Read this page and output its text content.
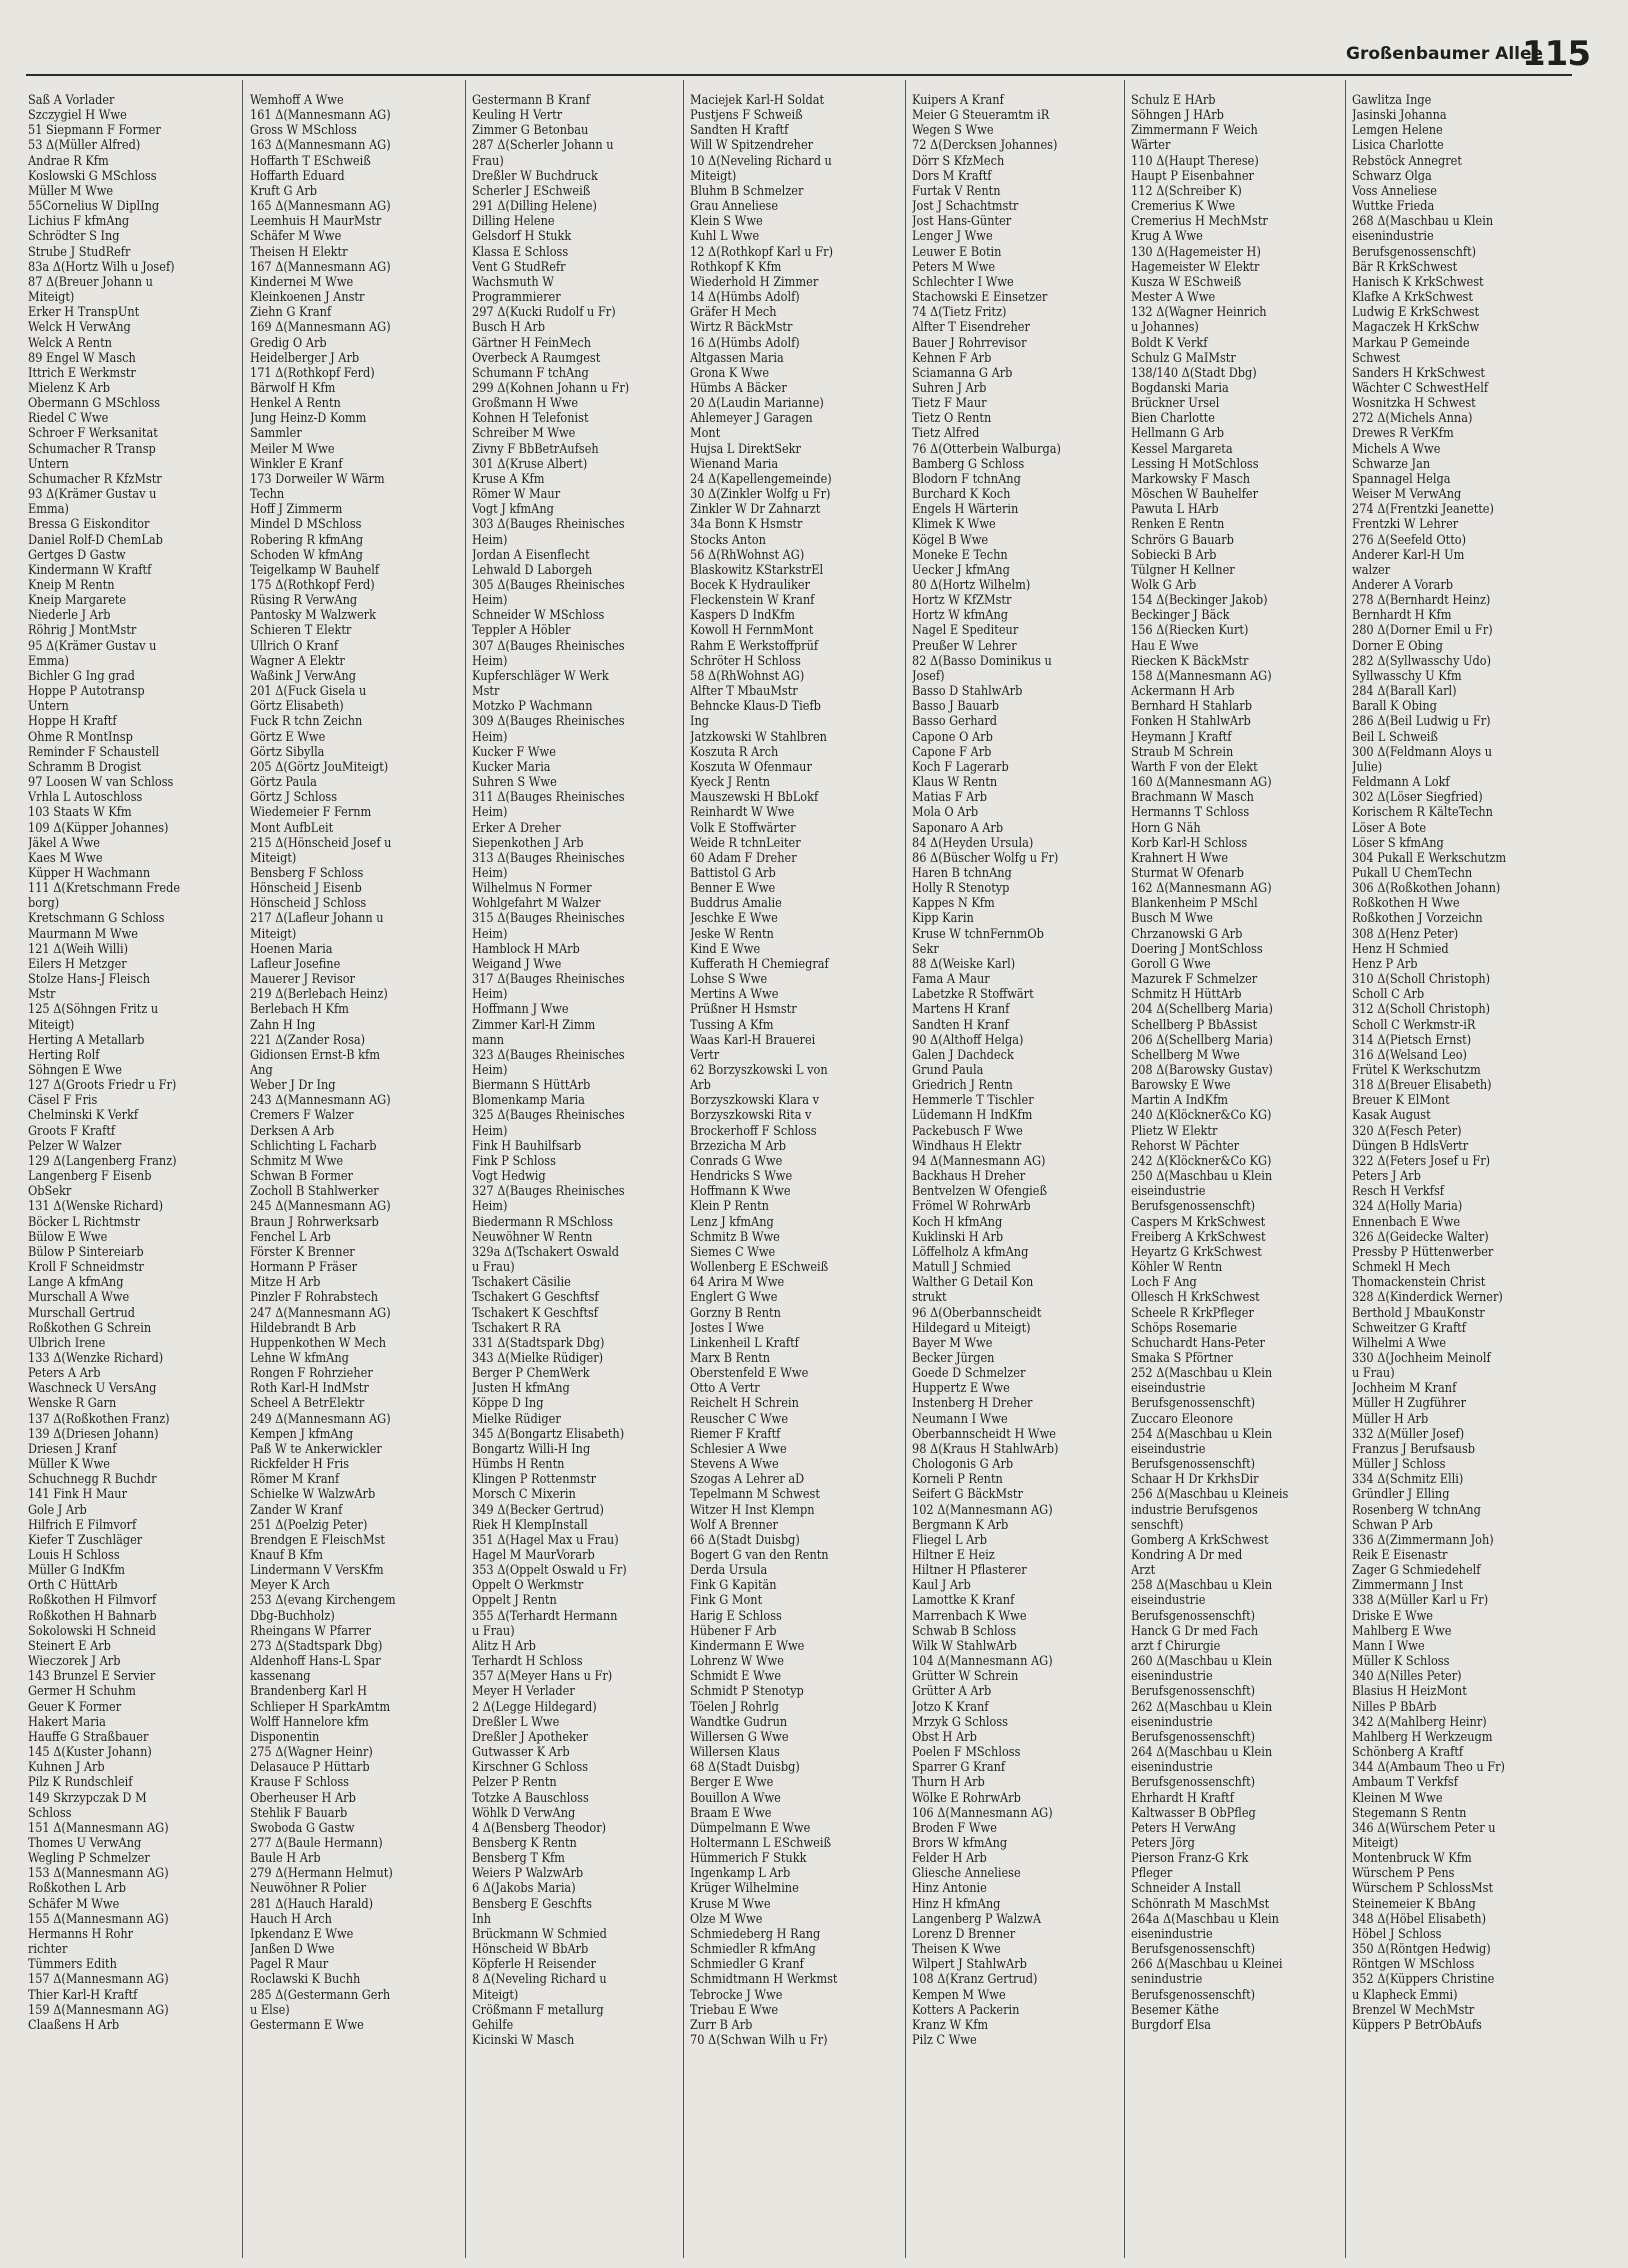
Großenbaumer Allee
115
Saß A Vorlader
Szczygiel H Wwe
51 Siepmann F Former
53 Δ(Müller Alfred)
Andrae R Kfm
Koslowski G MSchloss
Müller M Wwe
55Cornelius W DiplIng
Lichius F kfmAng
Schrödter S Ing
Strube J StudRefr
83a Δ(Hortz Wilh u Josef)
87 Δ(Breuer Johann u
Miteigt)
Erker H TranspUnt
Welck H VerwAng
Welck A Rentn
89 Engel W Masch
Ittrich E Werkmstr
Mielenz K Arb
Obermann G MSchloss
Riedel C Wwe
Schroer F Werksanitat
Schumacher R Transp
Untern
Schumacher R KfzMstr
93 Δ(Krämer Gustav u
Emma)
Bressa G Eiskonditor
Daniel Rolf-D ChemLab
Gertges D Gastw
Kindermann W Kraftf
Kneip M Rentn
Kneip Margarete
Niederle J Arb
Röhrig J MontMstr
95 Δ(Krämer Gustav u
Emma)
Bichler G Ing grad
Hoppe P Autotransp
Untern
Hoppe H Kraftf
Ohme R MontInsp
Reminder F Schaustell
Schramm B Drogist
97 Loosen W van Schloss
Vrhla L Autoschloss
103 Staats W Kfm
109 Δ(Küpper Johannes)
Jäkel A Wwe
Kaes M Wwe
Küpper H Wachmann
111 Δ(Kretschmann Frede
borg)
Kretschmann G Schloss
Maurmann M Wwe
121 Δ(Weih Willi)
Eilers H Metzger
Stolze Hans-J Fleisch
Mstr
125 Δ(Söhngen Fritz u
Miteigt)
Herting A Metallarb
Herting Rolf
Söhngen E Wwe
127 Δ(Groots Friedr u Fr)
Cäsel F Fris
Chelminski K Verkf
Groots F Kraftf
Pelzer W Walzer
129 Δ(Langenberg Franz)
Langenberg F Eisenb
ObSekr
131 Δ(Wenske Richard)
Böcker L Richtmstr
Bülow E Wwe
Bülow P Sintereiarb
Kroll F Schneidmstr
Lange A kfmAng
Murschall A Wwe
Murschall Gertrud
Roßkothen G Schrein
Ulbrich Irene
133 Δ(Wenzke Richard)
Peters A Arb
Waschneck U VersAng
Wenske R Garn
137 Δ(Roßkothen Franz)
139 Δ(Driesen Johann)
Driesen J Kranf
Müller K Wwe
Schuchnegg R Buchdr
141 Fink H Maur
Gole J Arb
Hilfrich E Filmvorf
Kiefer T Zuschläger
Louis H Schloss
Müller G IndKfm
Orth C HüttArb
Roßkothen H Filmvorf
Roßkothen H Bahnarb
Sokolowski H Schneid
Steinert E Arb
Wieczorek J Arb
143 Brunzel E Servier
Germer H Schuhm
Geuer K Former
Hakert Maria
Hauffe G Straßbauer
145 Δ(Kuster Johann)
Kuhnen J Arb
Pilz K Rundschleif
149 Skrzypczak D M
Schloss
151 Δ(Mannesmann AG)
Thomes U VerwAng
Wegling P Schmelzer
153 Δ(Mannesmann AG)
Roßkothen L Arb
Schäfer M Wwe
155 Δ(Mannesmann AG)
Hermanns H Rohr
richter
Tümmers Edith
157 Δ(Mannesmann AG)
Thier Karl-H Kraftf
159 Δ(Mannesmann AG)
Claaßens H Arb
Wemhoff A Wwe
161 Δ(Mannesmann AG)
Gross W MSchloss
163 Δ(Mannesmann AG)
Hoffarth T ESchweiß
Hoffarth Eduard
Kruft G Arb
165 Δ(Mannesmann AG)
Leemhuis H MaurMstr
Schäfer M Wwe
Theisen H Elektr
167 Δ(Mannesmann AG)
Kindernei M Wwe
Kleinkoenen J Anstr
Ziehn G Kranf
169 Δ(Mannesmann AG)
Gredig O Arb
Heidelberger J Arb
171 Δ(Rothkopf Ferd)
Bärwolf H Kfm
Henkel A Rentn
Jung Heinz-D Komm
Sammler
Meiler M Wwe
Winkler E Kranf
173 Dorweiler W Wärm
Techn
Hoff J Zimmerm
Mindel D MSchloss
Robering R kfmAng
Schoden W kfmAng
Teigelkamp W Bauhelf
175 Δ(Rothkopf Ferd)
Rüsing R VerwAng
Pantosky M Walzwerk
Schieren T Elektr
Ullrich O Kranf
Wagner A Elektr
Waßink J VerwAng
201 Δ(Fuck Gisela u
Görtz Elisabeth)
Fuck R tchn Zeichn
Görtz E Wwe
Görtz Sibylla
205 Δ(Görtz JouMiteigt)
Görtz Paula
Görtz J Schloss
Wiedemeier F Fernm
Mont AufbLeit
215 Δ(Hönscheid Josef u
Miteigt)
Bensberg F Schloss
Hönscheid J Eisenb
Hönscheid J Schloss
217 Δ(Lafleur Johann u
Miteigt)
Hoenen Maria
Lafleur Josefine
Mauerer J Revisor
219 Δ(Berlebach Heinz)
Berlebach H Kfm
Zahn H Ing
221 Δ(Zander Rosa)
Gidionsen Ernst-B kfm
Ang
Weber J Dr Ing
243 Δ(Mannesmann AG)
Cremers F Walzer
Derksen A Arb
Schlichting L Facharb
Schmitz M Wwe
Schwan B Former
Zocholl B Stahlwerker
245 Δ(Mannesmann AG)
Braun J Rohrwerksarb
Fenchel L Arb
Förster K Brenner
Hormann P Fräser
Mitze H Arb
Pinzler F Rohrabstech
247 Δ(Mannesmann AG)
Hildebrandt B Arb
Huppenkothen W Mech
Lehne W kfmAng
Rongen F Rohrzieher
Roth Karl-H IndMstr
Scheel A BetrElektr
249 Δ(Mannesmann AG)
Kempen J kfmAng
Paß W te Ankerwickler
Rickfelder H Fris
Römer M Kranf
Schielke W WalzwArb
Zander W Kranf
251 Δ(Poelzig Peter)
Brendgen E FleischMst
Knauf B Kfm
Lindermann V VersKfm
Meyer K Arch
253 Δ(evang Kirchengem
Dbg-Buchholz)
Rheingans W Pfarrer
273 Δ(Stadtspark Dbg)
Aldenhoff Hans-L Spar
kassenang
Brandenberg Karl H
Schlieper H SparkAmtm
Wolff Hannelore kfm
Disponentin
275 Δ(Wagner Heinr)
Delasauce P Hüttarb
Krause F Schloss
Oberheuser H Arb
Stehlik F Bauarb
Swoboda G Gastw
277 Δ(Baule Hermann)
Baule H Arb
279 Δ(Hermann Helmut)
Neuwöhner R Polier
281 Δ(Hauch Harald)
Hauch H Arch
Ipkendanz E Wwe
Janßen D Wwe
Pagel R Maur
Roclawski K Buchh
285 Δ(Gestermann Gerh
u Else)
Gestermann E Wwe
Gestermann B Kranf
Keuling H Vertr
Zimmer G Betonbau
287 Δ(Scherler Johann u
Frau)
Dreßler W Buchdruck
Scherler J ESchweiß
291 Δ(Dilling Helene)
Dilling Helene
Gelsdorf H Stukk
Klassa E Schloss
Vent G StudRefr
Wachsmuth W
Programmierer
297 Δ(Kucki Rudolf u Fr)
Busch H Arb
Gärtner H FeinMech
Overbeck A Raumgest
Schumann F tchAng
299 Δ(Kohnen Johann u Fr)
Großmann H Wwe
Kohnen H Telefonist
Schreiber M Wwe
Zivny F BbBetrAufseh
301 Δ(Kruse Albert)
Kruse A Kfm
Römer W Maur
Vogt J kfmAng
303 Δ(Bauges Rheinisches
Heim)
Jordan A Eisenflecht
Lehwald D Laborgeh
305 Δ(Bauges Rheinisches
Heim)
Schneider W MSchloss
Teppler A Höbler
307 Δ(Bauges Rheinisches
Heim)
Kupferschläger W Werk
Mstr
Motzko P Wachmann
309 Δ(Bauges Rheinisches
Heim)
Kucker F Wwe
Kucker Maria
Suhren S Wwe
311 Δ(Bauges Rheinisches
Heim)
Erker A Dreher
Siepenkothen J Arb
313 Δ(Bauges Rheinisches
Heim)
Wilhelmus N Former
Wohlgefahrt M Walzer
315 Δ(Bauges Rheinisches
Heim)
Hamblock H MArb
Weigand J Wwe
317 Δ(Bauges Rheinisches
Heim)
Hoffmann J Wwe
Zimmer Karl-H Zimm
mann
323 Δ(Bauges Rheinisches
Heim)
Biermann S HüttArb
Blomenkamp Maria
325 Δ(Bauges Rheinisches
Heim)
Fink H Bauhilfsarb
Fink P Schloss
Vogt Hedwig
327 Δ(Bauges Rheinisches
Heim)
Biedermann R MSchloss
Neuwöhner W Rentn
329a Δ(Tschakert Oswald
u Frau)
Tschakert Cäsilie
Tschakert G Geschftsf
Tschakert K Geschftsf
Tschakert R RA
331 Δ(Stadtspark Dbg)
343 Δ(Mielke Rüdiger)
Berger P ChemWerk
Justen H kfmAng
Köppe D Ing
Mielke Rüdiger
345 Δ(Bongartz Elisabeth)
Bongartz Willi-H Ing
Hümbs H Rentn
Klingen P Rottenmstr
Morsch C Mixerin
349 Δ(Becker Gertrud)
Riek H KlempInstall
351 Δ(Hagel Max u Frau)
Hagel M MaurVorarb
353 Δ(Oppelt Oswald u Fr)
Oppelt O Werkmstr
Oppelt J Rentn
355 Δ(Terhardt Hermann
u Frau)
Alitz H Arb
Terhardt H Schloss
357 Δ(Meyer Hans u Fr)
Meyer H Verlader
2 Δ(Legge Hildegard)
Dreßler L Wwe
Dreßler J Apotheker
Gutwasser K Arb
Kirschner G Schloss
Pelzer P Rentn
Totzke A Bauschloss
Wöhlk D VerwAng
4 Δ(Bensberg Theodor)
Bensberg K Rentn
Bensberg T Kfm
Weiers P WalzwArb
6 Δ(Jakobs Maria)
Bensberg E Geschfts
Inh
Brückmann W Schmied
Hönscheid W BbArb
Köpferle H Reisender
8 Δ(Neveling Richard u
Miteigt)
Crößmann F metallurg
Gehilfe
Kicinski W Masch
Maciejek Karl-H Soldat
Pustjens F Schweiß
Sandten H Kraftf
Will W Spitzendreher
10 Δ(Neveling Richard u
Miteigt)
Bluhm B Schmelzer
Grau Anneliese
Klein S Wwe
Kuhl L Wwe
12 Δ(Rothkopf Karl u Fr)
Rothkopf K Kfm
Wiederhold H Zimmer
14 Δ(Hümbs Adolf)
Gräfer H Mech
Wirtz R BäckMstr
16 Δ(Hümbs Adolf)
Altgassen Maria
Grona K Wwe
Hümbs A Bäcker
20 Δ(Laudin Marianne)
Ahlemeyer J Garagen
Mont
Hujsa L DirektSekr
Wienand Maria
24 Δ(Kapellengemeinde)
30 Δ(Zinkler Wolfg u Fr)
Zinkler W Dr Zahnarzt
34a Bonn K Hsmstr
Stocks Anton
56 Δ(RhWohnst AG)
Blaskowitz KStarkstrEl
Bocek K Hydrauliker
Fleckenstein W Kranf
Kaspers D IndKfm
Kowoll H FernmMont
Rahm E Werkstoffprüf
Schröter H Schloss
58 Δ(RhWohnst AG)
Alfter T MbauMstr
Behncke Klaus-D Tiefb
Ing
Jatzkowski W Stahlbren
Koszuta R Arch
Koszuta W Ofenmaur
Kyeck J Rentn
Mauszewski H BbLokf
Reinhardt W Wwe
Volk E Stoffwärter
Weide R tchnLeiter
60 Adam F Dreher
Battistol G Arb
Benner E Wwe
Buddrus Amalie
Jeschke E Wwe
Jeske W Rentn
Kind E Wwe
Kufferath H Chemiegraf
Lohse S Wwe
Mertins A Wwe
Prüßner H Hsmstr
Tussing A Kfm
Waas Karl-H Brauerei
Vertr
62 Borzyszkowski L von
Arb
Borzyszkowski Klara v
Borzyszkowski Rita v
Brockerhoff F Schloss
Brzezicha M Arb
Conrads G Wwe
Hendricks S Wwe
Hoffmann K Wwe
Klein P Rentn
Lenz J kfmAng
Schmitz B Wwe
Siemes C Wwe
Wollenberg E ESchweiß
64 Arira M Wwe
Englert G Wwe
Gorzny B Rentn
Jostes I Wwe
Linkenheil L Kraftf
Marx B Rentn
Oberstenfeld E Wwe
Otto A Vertr
Reichelt H Schrein
Reuscher C Wwe
Riemer F Kraftf
Schlesier A Wwe
Stevens A Wwe
Szogas A Lehrer aD
Tepelmann M Schwest
Witzer H Inst Klempn
Wolf A Brenner
66 Δ(Stadt Duisbg)
Bogert G van den Rentn
Derda Ursula
Fink G Kapitän
Fink G Mont
Harig E Schloss
Hübener F Arb
Kindermann E Wwe
Lohrenz W Wwe
Schmidt E Wwe
Schmidt P Stenotyp
Töelen J Rohrlg
Wandtke Gudrun
Willersen G Wwe
Willersen Klaus
68 Δ(Stadt Duisbg)
Berger E Wwe
Bouillon A Wwe
Braam E Wwe
Dümpelmann E Wwe
Holtermann L ESchweiß
Hümmerich F Stukk
Ingenkamp L Arb
Krüger Wilhelmine
Kruse M Wwe
Olze M Wwe
Schmiedeberg H Rang
Schmiedler R kfmAng
Schmiedler G Kranf
Schmidtmann H Werkmst
Tebrocke J Wwe
Triebau E Wwe
Zurr B Arb
70 Δ(Schwan Wilh u Fr)
Kuipers A Kranf
Meier G Steueramtm iR
Wegen S Wwe
72 Δ(Dercksen Johannes)
Dörr S KfzMech
Dors M Kraftf
Furtak V Rentn
Jost J Schachtmstr
Jost Hans-Günter
Lenger J Wwe
Leuwer E Botin
Peters M Wwe
Schlechter I Wwe
Stachowski E Einsetzer
74 Δ(Tietz Fritz)
Alfter T Eisendreher
Bauer J Rohrrevisor
Kehnen F Arb
Sciamanna G Arb
Suhren J Arb
Tietz F Maur
Tietz O Rentn
Tietz Alfred
76 Δ(Otterbein Walburga)
Bamberg G Schloss
Blodorn F tchnAng
Burchard K Koch
Engels H Wärterin
Klimek K Wwe
Kögel B Wwe
Moneke E Techn
Uecker J kfmAng
80 Δ(Hortz Wilhelm)
Hortz W KfZMstr
Hortz W kfmAng
Nagel E Spediteur
Preußer W Lehrer
82 Δ(Basso Dominikus u
Josef)
Basso D StahlwArb
Basso J Bauarb
Basso Gerhard
Capone O Arb
Capone F Arb
Koch F Lagerarb
Klaus W Rentn
Matias F Arb
Mola O Arb
Saponaro A Arb
84 Δ(Heyden Ursula)
86 Δ(Büscher Wolfg u Fr)
Haren B tchnAng
Holly R Stenotyp
Kappes N Kfm
Kipp Karin
Kruse W tchnFernmOb
Sekr
88 Δ(Weiske Karl)
Fama A Maur
Labetzke R Stoffwärt
Martens H Kranf
Sandten H Kranf
90 Δ(Althoff Helga)
Galen J Dachdeck
Grund Paula
Griedrich J Rentn
Hemmerle T Tischler
Lüdemann H IndKfm
Packebusch F Wwe
Windhaus H Elektr
94 Δ(Mannesmann AG)
Backhaus H Dreher
Bentvelzen W Ofengieß
Frömel W RohrwArb
Koch H kfmAng
Kuklinski H Arb
Löffelholz A kfmAng
Matull J Schmied
Walther G Detail Kon
strukt
96 Δ(Oberbannscheidt
Hildegard u Miteigt)
Bayer M Wwe
Becker Jürgen
Goede D Schmelzer
Huppertz E Wwe
Instenberg H Dreher
Neumann I Wwe
Oberbannscheidt H Wwe
98 Δ(Kraus H StahlwArb)
Chologonis G Arb
Korneli P Rentn
Seifert G BäckMstr
102 Δ(Mannesmann AG)
Bergmann K Arb
Fliegel L Arb
Hiltner E Heiz
Hiltner H Pflasterer
Kaul J Arb
Lamottke K Kranf
Marrenbach K Wwe
Schwab B Schloss
Wilk W StahlwArb
104 Δ(Mannesmann AG)
Grütter W Schrein
Grütter A Arb
Jotzo K Kranf
Mrzyk G Schloss
Obst H Arb
Poelen F MSchloss
Sparrer G Kranf
Thurn H Arb
Wölke E RohrwArb
106 Δ(Mannesmann AG)
Broden F Wwe
Brors W kfmAng
Felder H Arb
Gliesche Anneliese
Hinz Antonie
Hinz H kfmAng
Langenberg P WalzwA
Lorenz D Brenner
Theisen K Wwe
Wilpert J StahlwArb
108 Δ(Kranz Gertrud)
Kempen M Wwe
Kotters A Packerin
Kranz W Kfm
Pilz C Wwe
Schulz E HArb
Söhngen J HArb
Zimmermann F Weich
Wärter
110 Δ(Haupt Therese)
Haupt P Eisenbahner
112 Δ(Schreiber K)
Cremerius K Wwe
Cremerius H MechMstr
Krug A Wwe
130 Δ(Hagemeister H)
Hagemeister W Elektr
Kusza W ESchweiß
Mester A Wwe
132 Δ(Wagner Heinrich
u Johannes)
Boldt K Verkf
Schulz G MaIMstr
138/140 Δ(Stadt Dbg)
Bogdanski Maria
Brückner Ursel
Bien Charlotte
Hellmann G Arb
Kessel Margareta
Lessing H MotSchloss
Markowsky F Masch
Möschen W Bauhelfer
Pawuta L HArb
Renken E Rentn
Schrörs G Bauarb
Sobiecki B Arb
Tülgner H Kellner
Wolk G Arb
154 Δ(Beckinger Jakob)
Beckinger J Bäck
156 Δ(Riecken Kurt)
Hau E Wwe
Riecken K BäckMstr
158 Δ(Mannesmann AG)
Ackermann H Arb
Bernhard H Stahlarb
Fonken H StahlwArb
Heymann J Kraftf
Straub M Schrein
Warth F von der Elekt
160 Δ(Mannesmann AG)
Brachmann W Masch
Hermanns T Schloss
Horn G Näh
Korb Karl-H Schloss
Krahnert H Wwe
Sturmat W Ofenarb
162 Δ(Mannesmann AG)
Blankenheim P MSchl
Busch M Wwe
Chrzanowski G Arb
Doering J MontSchloss
Goroll G Wwe
Mazurek F Schmelzer
Schmitz H HüttArb
204 Δ(Schellberg Maria)
Schellberg P BbAssist
206 Δ(Schellberg Maria)
Schellberg M Wwe
208 Δ(Barowsky Gustav)
Barowsky E Wwe
Martin A IndKfm
240 Δ(Klöckner&Co KG)
Plietz W Elektr
Rehorst W Pächter
242 Δ(Klöckner&Co KG)
250 Δ(Maschbau u Klein
eiseindustrie
Berufsgenossenschft)
Caspers M KrkSchwest
Freiberg A KrkSchwest
Heyartz G KrkSchwest
Köhler W Rentn
Loch F Ang
Ollesch H KrkSchwest
Scheele R KrkPfleger
Schöps Rosemarie
Schuchardt Hans-Peter
Smaka S Pförtner
252 Δ(Maschbau u Klein
eiseindustrie
Berufsgenossenschft)
Zuccaro Eleonore
254 Δ(Maschbau u Klein
eiseindustrie
Berufsgenossenschft)
Schaar H Dr KrkhsDir
256 Δ(Maschbau u Kleineis
industrie Berufsgenos
senschft)
Gomberg A KrkSchwest
Kondring A Dr med
Arzt
258 Δ(Maschbau u Klein
eiseindustrie
Berufsgenossenschft)
Hanck G Dr med Fach
arzt f Chirurgie
260 Δ(Maschbau u Klein
eisenindustrie
Berufsgenossenschft)
262 Δ(Maschbau u Klein
eisenindustrie
Berufsgenossenschft)
264 Δ(Maschbau u Klein
eisenindustrie
Berufsgenossenschft)
Ehrhardt H Kraftf
Kaltwasser B ObPfleg
Peters H VerwAng
Peters Jörg
Pierson Franz-G Krk
Pfleger
Schneider A Install
Schönrath M MaschMst
264a Δ(Maschbau u Klein
eisenindustrie
Berufsgenossenschft)
266 Δ(Maschbau u Kleinei
senindustrie
Berufsgenossenschft)
Besemer Käthe
Burgdorf Elsa
Gawlitza Inge
Jasinski Johanna
Lemgen Helene
Lisica Charlotte
Rebstöck Annegret
Schwarz Olga
Voss Anneliese
Wuttke Frieda
268 Δ(Maschbau u Klein
eisenindustrie
Berufsgenossenschft)
Bär R KrkSchwest
Hanisch K KrkSchwest
Klafke A KrkSchwest
Ludwig E KrkSchwest
Magaczek H KrkSchw
Markau P Gemeinde
Schwest
Sanders H KrkSchwest
Wächter C SchwestHelf
Wosnitzka H Schwest
272 Δ(Michels Anna)
Drewes R VerKfm
Michels A Wwe
Schwarze Jan
Spannagel Helga
Weiser M VerwAng
274 Δ(Frentzki Jeanette)
Frentzki W Lehrer
276 Δ(Seefeld Otto)
Anderer Karl-H Um
walzer
Anderer A Vorarb
278 Δ(Bernhardt Heinz)
Bernhardt H Kfm
280 Δ(Dorner Emil u Fr)
Dorner E Obing
282 Δ(Syllwasschy Udo)
Syllwasschy U Kfm
284 Δ(Barall Karl)
Barall K Obing
286 Δ(Beil Ludwig u Fr)
Beil L Schweiß
300 Δ(Feldmann Aloys u
Julie)
Feldmann A Lokf
302 Δ(Löser Siegfried)
Korischem R KälteTechn
Löser A Bote
Löser S kfmAng
304 Pukall E Werkschutzm
Pukall U ChemTechn
306 Δ(Roßkothen Johann)
Roßkothen H Wwe
Roßkothen J Vorzeichn
308 Δ(Henz Peter)
Henz H Schmied
Henz P Arb
310 Δ(Scholl Christoph)
Scholl C Arb
312 Δ(Scholl Christoph)
Scholl C Werkmstr-iR
314 Δ(Pietsch Ernst)
316 Δ(Welsand Leo)
Frütel K Werkschutzm
318 Δ(Breuer Elisabeth)
Breuer K ElMont
Kasak August
320 Δ(Fesch Peter)
Düngen B HdlsVertr
322 Δ(Feters Josef u Fr)
Peters J Arb
Resch H Verkfsf
324 Δ(Holly Maria)
Ennenbach E Wwe
326 Δ(Geidecke Walter)
Pressby P Hüttenwerber
Schmekl H Mech
Thomackenstein Christ
328 Δ(Kinderdick Werner)
Berthold J MbauKonstr
Schweitzer G Kraftf
Wilhelmi A Wwe
330 Δ(Jochheim Meinolf
u Frau)
Jochheim M Kranf
Müller H Zugführer
Müller H Arb
332 Δ(Müller Josef)
Franzus J Berufsausb
Müller J Schloss
334 Δ(Schmitz Elli)
Gründler J Elling
Rosenberg W tchnAng
Schwan P Arb
336 Δ(Zimmermann Joh)
Reik E Eisenastr
Zager G Schmiedehelf
Zimmermann J Inst
338 Δ(Müller Karl u Fr)
Driske E Wwe
Mahlberg E Wwe
Mann I Wwe
Müller K Schloss
340 Δ(Nilles Peter)
Blasius H HeizMont
Nilles P BbArb
342 Δ(Mahlberg Heinr)
Mahlberg H Werkzeugm
Schönberg A Kraftf
344 Δ(Ambaum Theo u Fr)
Ambaum T Verkfsf
Kleinen M Wwe
Stegemann S Rentn
346 Δ(Würschem Peter u
Miteigt)
Montenbruck W Kfm
Würschem P Pens
Würschem P SchlossMst
Steinemeier K BbAng
348 Δ(Höbel Elisabeth)
Höbel J Schloss
350 Δ(Röntgen Hedwig)
Röntgen W MSchloss
352 Δ(Küppers Christine
u Klapheck Emmi)
Brenzel W MechMstr
Küppers P BetrObAufs
